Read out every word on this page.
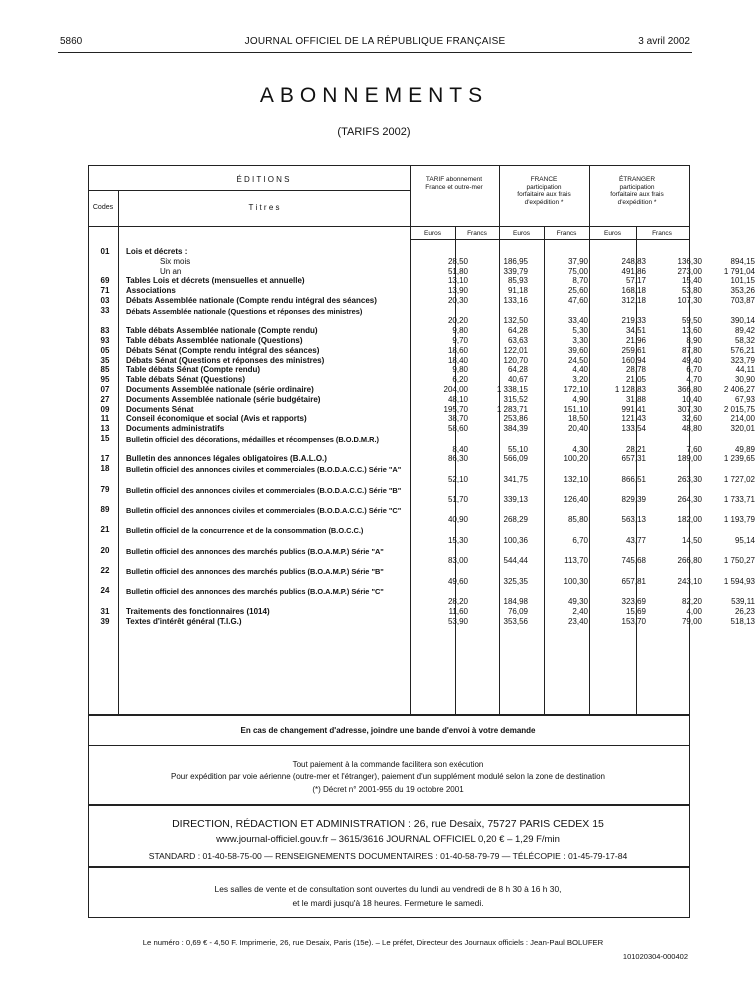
5860	JOURNAL OFFICIEL DE LA RÉPUBLIQUE FRANÇAISE	3 avril 2002
ABONNEMENTS
(TARIFS 2002)
É D I T I O N S
Codes	T i t r e s
TARIF abonnement France et outre-mer
FRANCE participation forfaitaire aux frais d'expédition *
ÉTRANGER participation forfaitaire aux frais d'expédition *
Euros	Francs	Euros	Francs	Euros	Francs
01	Lois et décrets :
Six mois	28,50	186,95	37,90	248,83	136,30	894,15
Un an	51,80	339,79	75,00	491,86	273,00	1 791,04
69	Tables Lois et décrets (mensuelles et annuelle)	13,10	85,93	8,70	57,17	15,40	101,15
71	Associations	13,90	91,18	25,60	168,18	53,80	353,26
03	Débats Assemblée nationale (Compte rendu intégral des séances)	20,30	133,16	47,60	312,18	107,30	703,87
33	Débats Assemblée nationale (Questions et réponses des ministres)
20,20	132,50	33,40	219,33	59,50	390,14
83	Table débats Assemblée nationale (Compte rendu)	9,80	64,28	5,30	34,51	13,60	89,42
93	Table débats Assemblée nationale (Questions)	9,70	63,63	3,30	21,96	8,90	58,32
05	Débats Sénat (Compte rendu intégral des séances)	18,60	122,01	39,60	259,61	87,80	576,21
35	Débats Sénat (Questions et réponses des ministres)	18,40	120,70	24,50	160,94	49,40	323,79
85	Table débats Sénat (Compte rendu)	9,80	64,28	4,40	28,78	6,70	44,11
95	Table débats Sénat (Questions)	6,20	40,67	3,20	21,05	4,70	30,90
07	Documents Assemblée nationale (série ordinaire)	204,00	1 338,15	172,10	1 128,83	366,80	2 406,27
27	Documents Assemblée nationale (série budgétaire)	48,10	315,52	4,90	31,88	10,40	67,93
09	Documents Sénat	195,70	1 283,71	151,10	991,41	307,30	2 015,75
11	Conseil économique et social (Avis et rapports)	38,70	253,86	18,50	121,43	32,60	214,00
13	Documents administratifs	58,60	384,39	20,40	133,54	48,80	320,01
15	Bulletin officiel des décorations, médailles et récompenses (B.O.D.M.R.)
8,40	55,10	4,30	28,21	7,60	49,89
17	Bulletin des annonces légales obligatoires (B.A.L.O.)	86,30	566,09	100,20	657,31	189,00	1 239,65
18	Bulletin officiel des annonces civiles et commerciales (B.O.D.A.C.C.) Série "A"
52,10	341,75	132,10	866,51	263,30	1 727,02
79	Bulletin officiel des annonces civiles et commerciales (B.O.D.A.C.C.) Série "B"
51,70	339,13	126,40	829,39	264,30	1 733,71
89	Bulletin officiel des annonces civiles et commerciales (B.O.D.A.C.C.) Série "C"
40,90	268,29	85,80	563,13	182,00	1 193,79
21	Bulletin officiel de la concurrence et de la consommation (B.O.C.C.)
15,30	100,36	6,70	43,77	14,50	95,14
20	Bulletin officiel des annonces des marchés publics (B.O.A.M.P.) Série "A"
83,00	544,44	113,70	745,68	266,80	1 750,27
22	Bulletin officiel des annonces des marchés publics (B.O.A.M.P.) Série "B"
49,60	325,35	100,30	657,81	243,10	1 594,93
24	Bulletin officiel des annonces des marchés publics (B.O.A.M.P.) Série "C"
28,20	184,98	49,30	323,69	82,20	539,11
31	Traitements des fonctionnaires (1014)	11,60	76,09	2,40	15,69	4,00	26,23
39	Textes d'intérêt général (T.I.G.)	53,90	353,56	23,40	153,70	79,00	518,13
En cas de changement d'adresse, joindre une bande d'envoi à votre demande
Tout paiement à la commande facilitera son exécution
Pour expédition par voie aérienne (outre-mer et l'étranger), paiement d'un supplément modulé selon la zone de destination
(*) Décret n° 2001-955 du 19 octobre 2001
DIRECTION, RÉDACTION ET ADMINISTRATION : 26, rue Desaix, 75727 PARIS CEDEX 15
www.journal-officiel.gouv.fr – 3615/3616 JOURNAL OFFICIEL 0,20 € – 1,29 F/min
STANDARD : 01-40-58-75-00 — RENSEIGNEMENTS DOCUMENTAIRES : 01-40-58-79-79 — TÉLÉCOPIE : 01-45-79-17-84
Les salles de vente et de consultation sont ouvertes du lundi au vendredi de 8 h 30 à 16 h 30,
et le mardi jusqu'à 18 heures. Fermeture le samedi.
Le numéro : 0,69 € - 4,50 F. Imprimerie, 26, rue Desaix, Paris (15e). – Le préfet, Directeur des Journaux officiels : Jean-Paul BOLUFER
101020304-000402
